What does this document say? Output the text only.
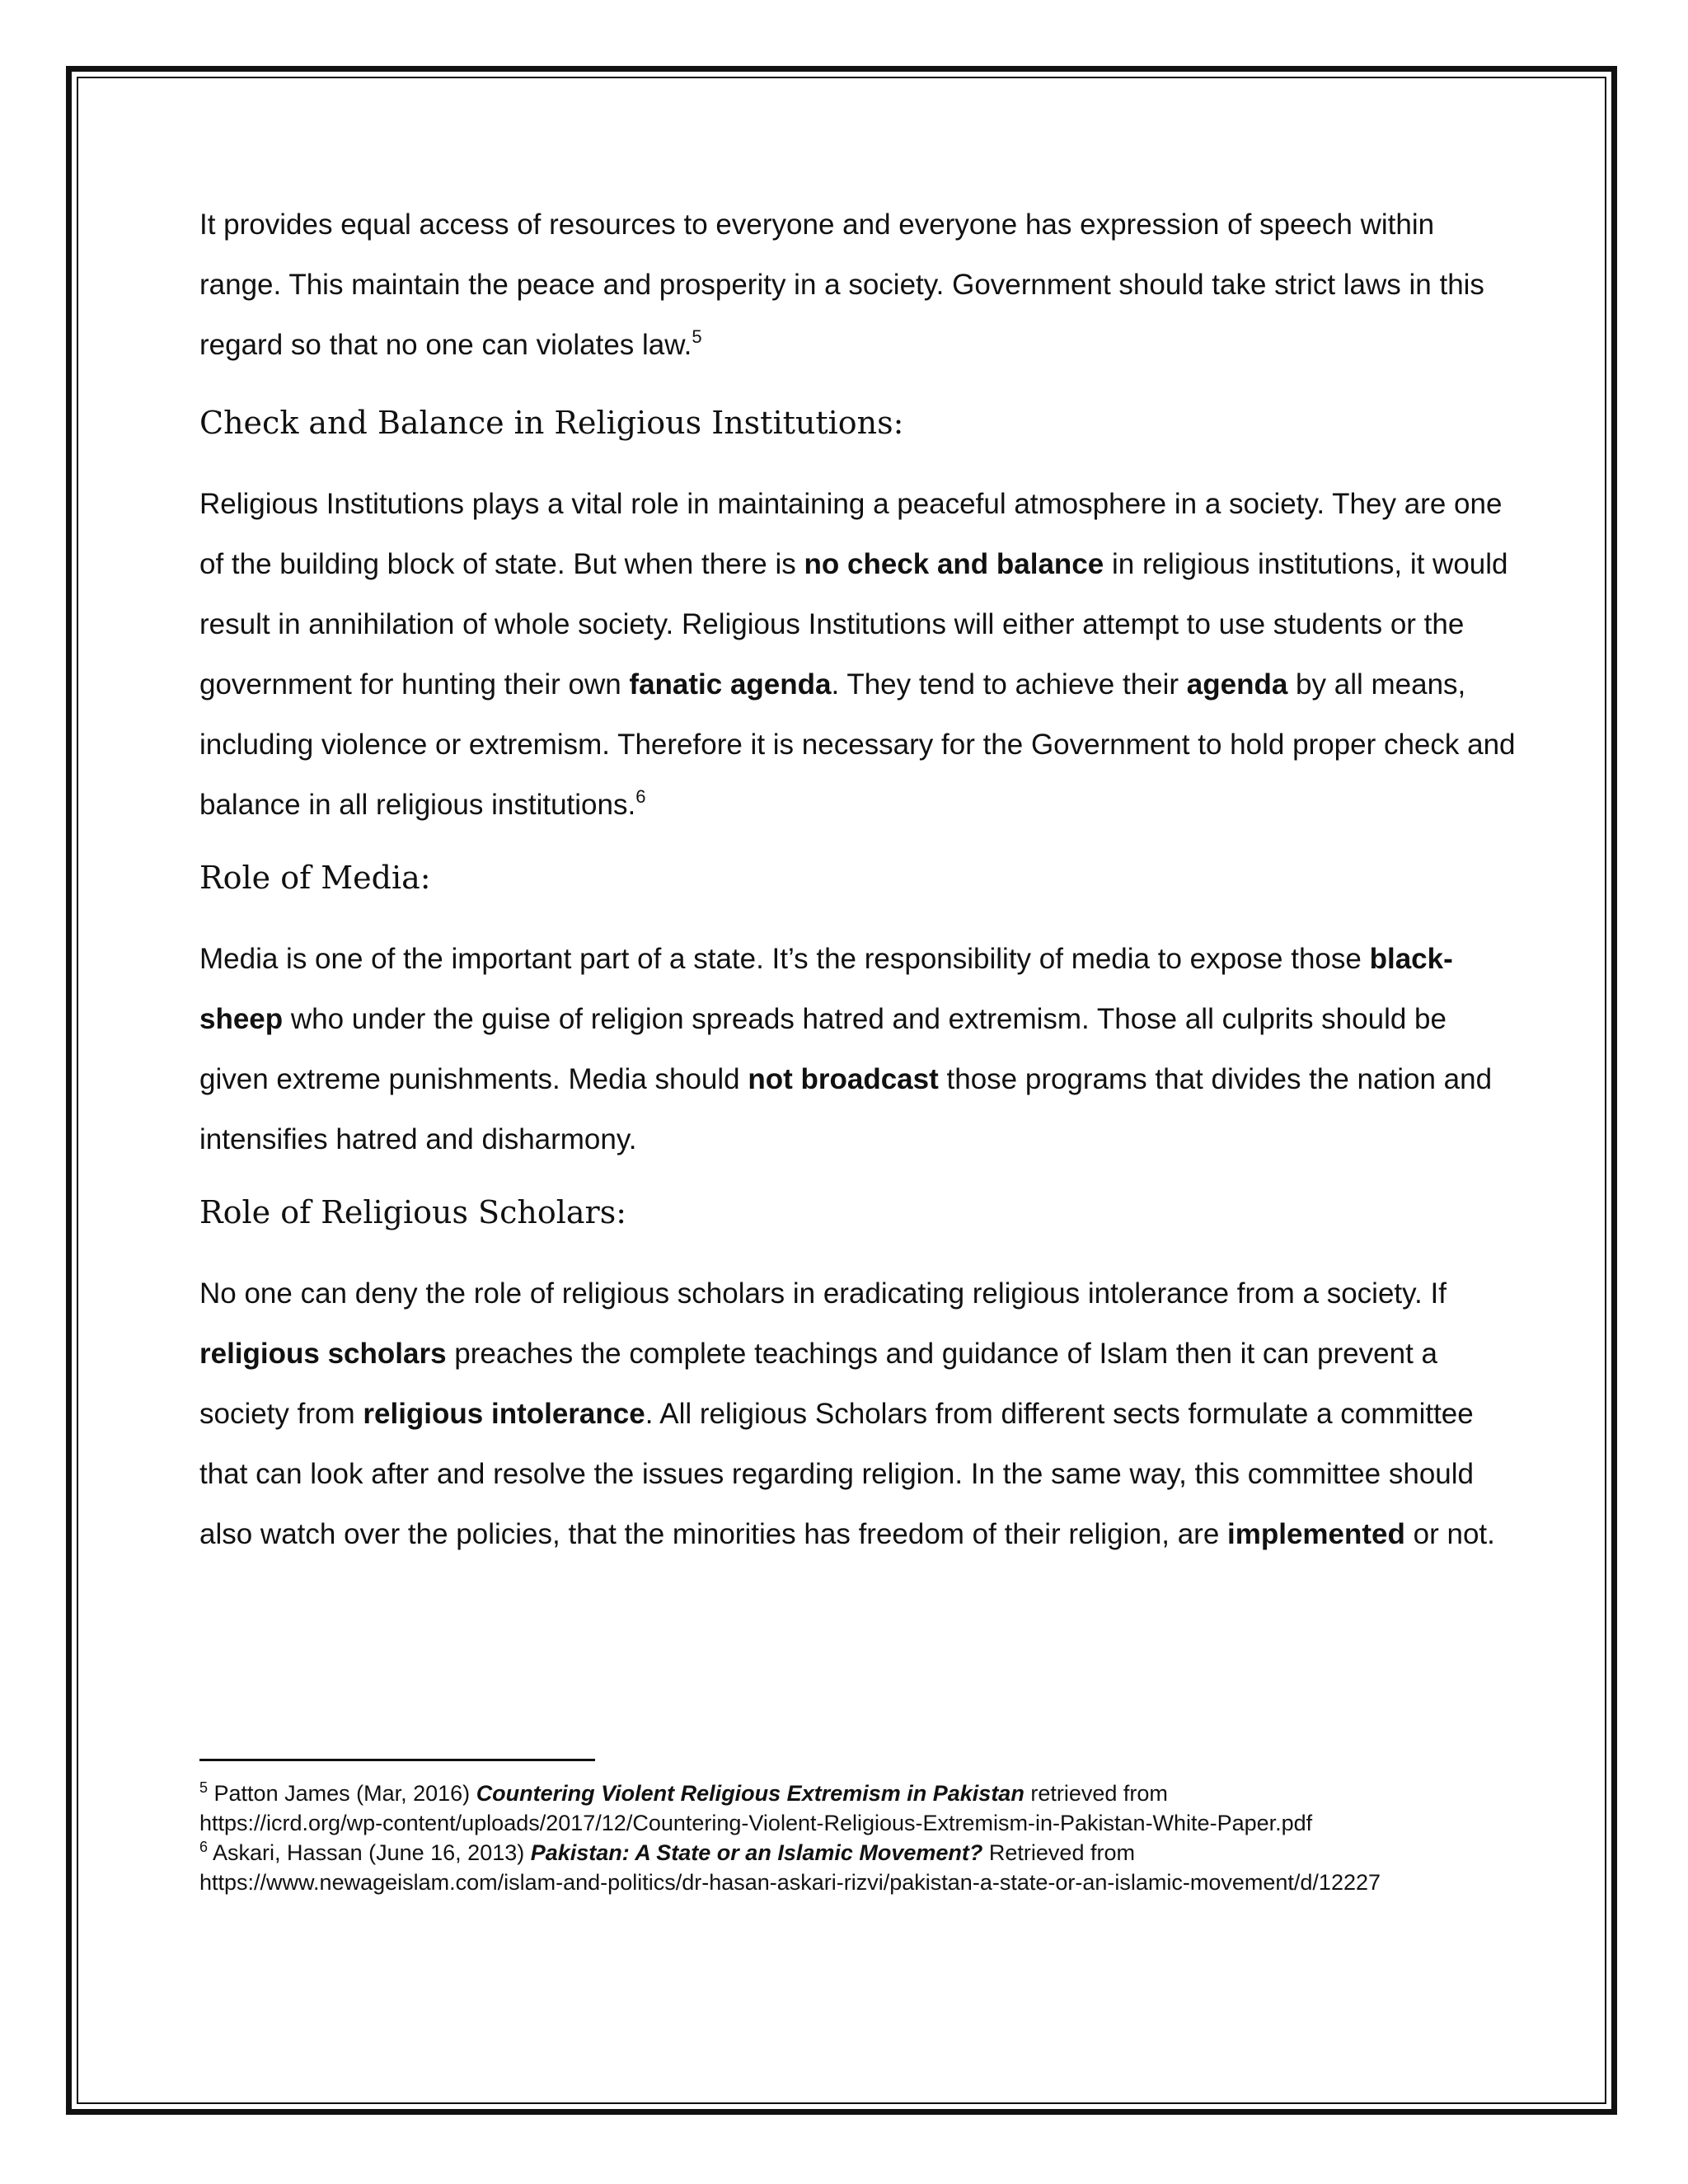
It provides equal access of resources to everyone and everyone has expression of speech within range. This maintain the peace and prosperity in a society. Government should take strict laws in this regard so that no one can violates law.$^5$

Check and Balance in Religious Institutions:

Religious Institutions plays a vital role in maintaining a peaceful atmosphere in a society. They are one of the building block of state. But when there is no check and balance in religious institutions, it would result in annihilation of whole society. Religious Institutions will either attempt to use students or the government for hunting their own fanatic agenda. They tend to achieve their agenda by all means, including violence or extremism. Therefore it is necessary for the Government to hold proper check and balance in all religious institutions.$^6$

Role of Media:

Media is one of the important part of a state. It’s the responsibility of media to expose those black-sheep who under the guise of religion spreads hatred and extremism. Those all culprits should be given extreme punishments. Media should not broadcast those programs that divides the nation and intensifies hatred and disharmony.

Role of Religious Scholars:

No one can deny the role of religious scholars in eradicating religious intolerance from a society. If religious scholars preaches the complete teachings and guidance of Islam then it can prevent a society from religious intolerance. All religious Scholars from different sects formulate a committee that can look after and resolve the issues regarding religion. In the same way, this committee should also watch over the policies, that the minorities has freedom of their religion, are implemented or not.

$^5$ Patton James (Mar, 2016) Countering Violent Religious Extremism in Pakistan retrieved from
https://icrd.org/wp-content/uploads/2017/12/Countering-Violent-Religious-Extremism-in-Pakistan-White-Paper.pdf

$^6$ Askari, Hassan (June 16, 2013) Pakistan: A State or an Islamic Movement? Retrieved from
https://www.newageislam.com/islam-and-politics/dr-hasan-askari-rizvi/pakistan-a-state-or-an-islamic-movement/d/12227
